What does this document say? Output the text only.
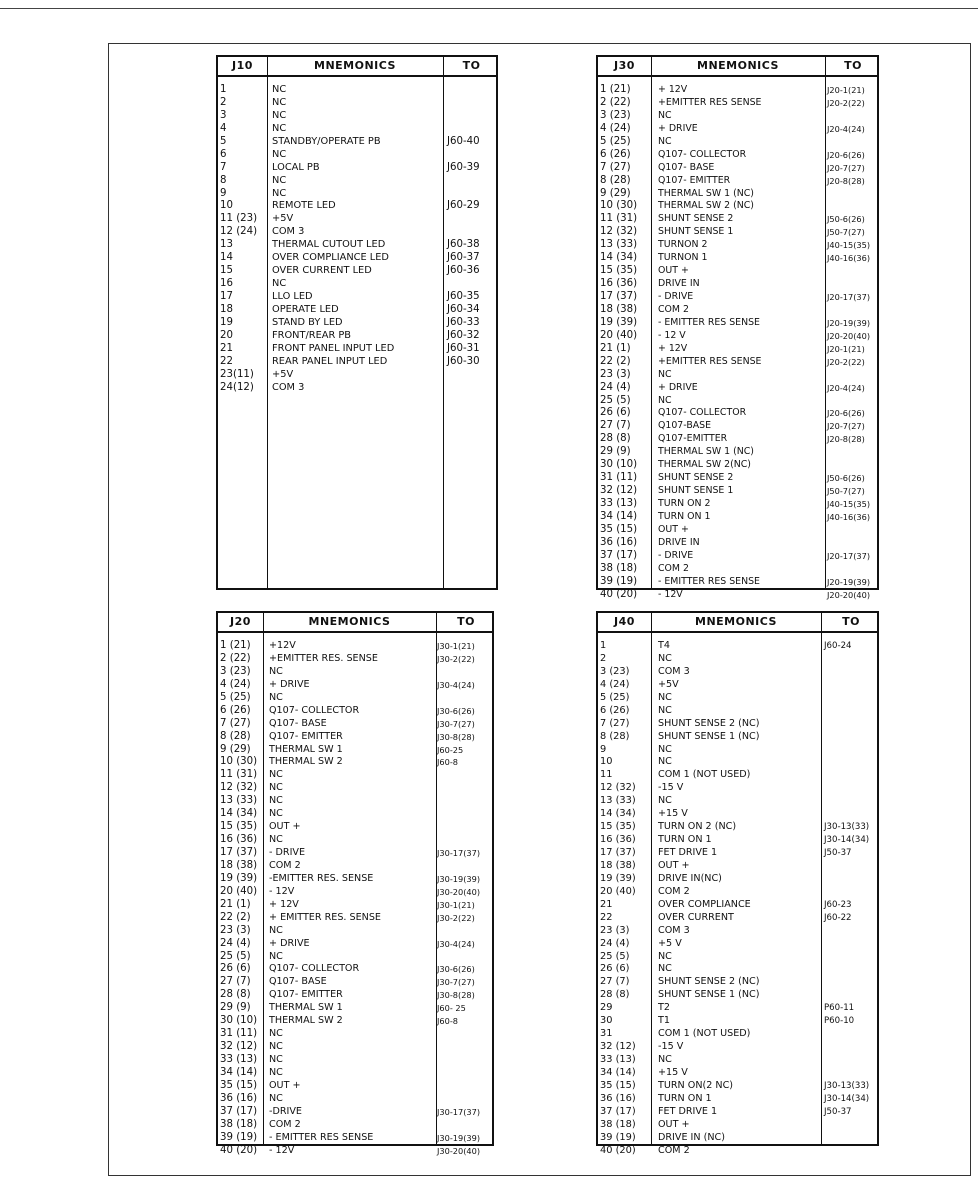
J10	MNEMONICS	TO
1	NC
2	NC
3	NC
4	NC
5	STANDBY/OPERATE PB	J60-40
6	NC
7	LOCAL PB	J60-39
8	NC
9	NC
10	REMOTE LED	J60-29
11 (23)	+5V
12 (24)	COM 3
13	THERMAL CUTOUT LED	J60-38
14	OVER COMPLIANCE LED	J60-37
15	OVER CURRENT LED	J60-36
16	NC
17	LLO LED	J60-35
18	OPERATE LED	J60-34
19	STAND BY LED	J60-33
20	FRONT/REAR PB	J60-32
21	FRONT PANEL INPUT LED	J60-31
22	REAR PANEL INPUT LED	J60-30
23(11)	+5V
24(12)	COM 3
J30	MNEMONICS	TO
1 (21)	+ 12V	J20-1(21)
2 (22)	+EMITTER RES SENSE	J20-2(22)
3 (23)	NC
4 (24)	+ DRIVE	J20-4(24)
5 (25)	NC
6 (26)	Q107- COLLECTOR	J20-6(26)
7 (27)	Q107- BASE	J20-7(27)
8 (28)	Q107- EMITTER	J20-8(28)
9 (29)	THERMAL SW 1 (NC)
10 (30)	THERMAL SW 2 (NC)
11 (31)	SHUNT SENSE 2	J50-6(26)
12 (32)	SHUNT SENSE 1	J50-7(27)
13 (33)	TURNON 2	J40-15(35)
14 (34)	TURNON 1	J40-16(36)
15 (35)	OUT +
16 (36)	DRIVE IN
17 (37)	- DRIVE	J20-17(37)
18 (38)	COM 2
19 (39)	- EMITTER RES SENSE	J20-19(39)
20 (40)	- 12 V	J20-20(40)
21 (1)	+ 12V	J20-1(21)
22 (2)	+EMITTER RES SENSE	J20-2(22)
23 (3)	NC
24 (4)	+ DRIVE	J20-4(24)
25 (5)	NC
26 (6)	Q107- COLLECTOR	J20-6(26)
27 (7)	Q107-BASE	J20-7(27)
28 (8)	Q107-EMITTER	J20-8(28)
29 (9)	THERMAL SW 1 (NC)
30 (10)	THERMAL SW 2(NC)
31 (11)	SHUNT SENSE 2	J50-6(26)
32 (12)	SHUNT SENSE 1	J50-7(27)
33 (13)	TURN ON 2	J40-15(35)
34 (14)	TURN ON 1	J40-16(36)
35 (15)	OUT +
36 (16)	DRIVE IN
37 (17)	- DRIVE	J20-17(37)
38 (18)	COM 2
39 (19)	- EMITTER RES SENSE	J20-19(39)
40 (20)	- 12V	J20-20(40)
J20	MNEMONICS	TO
1 (21)	+12V	J30-1(21)
2 (22)	+EMITTER RES. SENSE	J30-2(22)
3 (23)	NC
4 (24)	+ DRIVE	J30-4(24)
5 (25)	NC
6 (26)	Q107- COLLECTOR	J30-6(26)
7 (27)	Q107- BASE	J30-7(27)
8 (28)	Q107- EMITTER	J30-8(28)
9 (29)	THERMAL SW 1	J60-25
10 (30)	THERMAL SW 2	J60-8
11 (31)	NC
12 (32)	NC
13 (33)	NC
14 (34)	NC
15 (35)	OUT +
16 (36)	NC
17 (37)	- DRIVE	J30-17(37)
18 (38)	COM 2
19 (39)	-EMITTER RES. SENSE	J30-19(39)
20 (40)	- 12V	J30-20(40)
21 (1)	+ 12V	J30-1(21)
22 (2)	+ EMITTER RES. SENSE	J30-2(22)
23 (3)	NC
24 (4)	+ DRIVE	J30-4(24)
25 (5)	NC
26 (6)	Q107- COLLECTOR	J30-6(26)
27 (7)	Q107- BASE	J30-7(27)
28 (8)	Q107- EMITTER	J30-8(28)
29 (9)	THERMAL SW 1	J60- 25
30 (10)	THERMAL SW 2	J60-8
31 (11)	NC
32 (12)	NC
33 (13)	NC
34 (14)	NC
35 (15)	OUT +
36 (16)	NC
37 (17)	-DRIVE	J30-17(37)
38 (18)	COM 2
39 (19)	- EMITTER RES SENSE	J30-19(39)
40 (20)	- 12V	J30-20(40)
J40	MNEMONICS	TO
1	T4	J60-24
2	NC
3 (23)	COM 3
4 (24)	+5V
5 (25)	NC
6 (26)	NC
7 (27)	SHUNT SENSE 2 (NC)
8 (28)	SHUNT SENSE 1 (NC)
9	NC
10	NC
11	COM 1 (NOT USED)
12 (32)	-15 V
13 (33)	NC
14 (34)	+15 V
15 (35)	TURN ON 2 (NC)	J30-13(33)
16 (36)	TURN ON 1	J30-14(34)
17 (37)	FET DRIVE 1	J50-37
18 (38)	OUT +
19 (39)	DRIVE IN(NC)
20 (40)	COM 2
21	OVER COMPLIANCE	J60-23
22	OVER CURRENT	J60-22
23 (3)	COM 3
24 (4)	+5 V
25 (5)	NC
26 (6)	NC
27 (7)	SHUNT SENSE 2 (NC)
28 (8)	SHUNT SENSE 1 (NC)
29	T2	P60-11
30	T1	P60-10
31	COM 1 (NOT USED)
32 (12)	-15 V
33 (13)	NC
34 (14)	+15 V
35 (15)	TURN ON(2 NC)	J30-13(33)
36 (16)	TURN ON 1	J30-14(34)
37 (17)	FET DRIVE 1	J50-37
38 (18)	OUT +
39 (19)	DRIVE IN (NC)
40 (20)	COM 2
